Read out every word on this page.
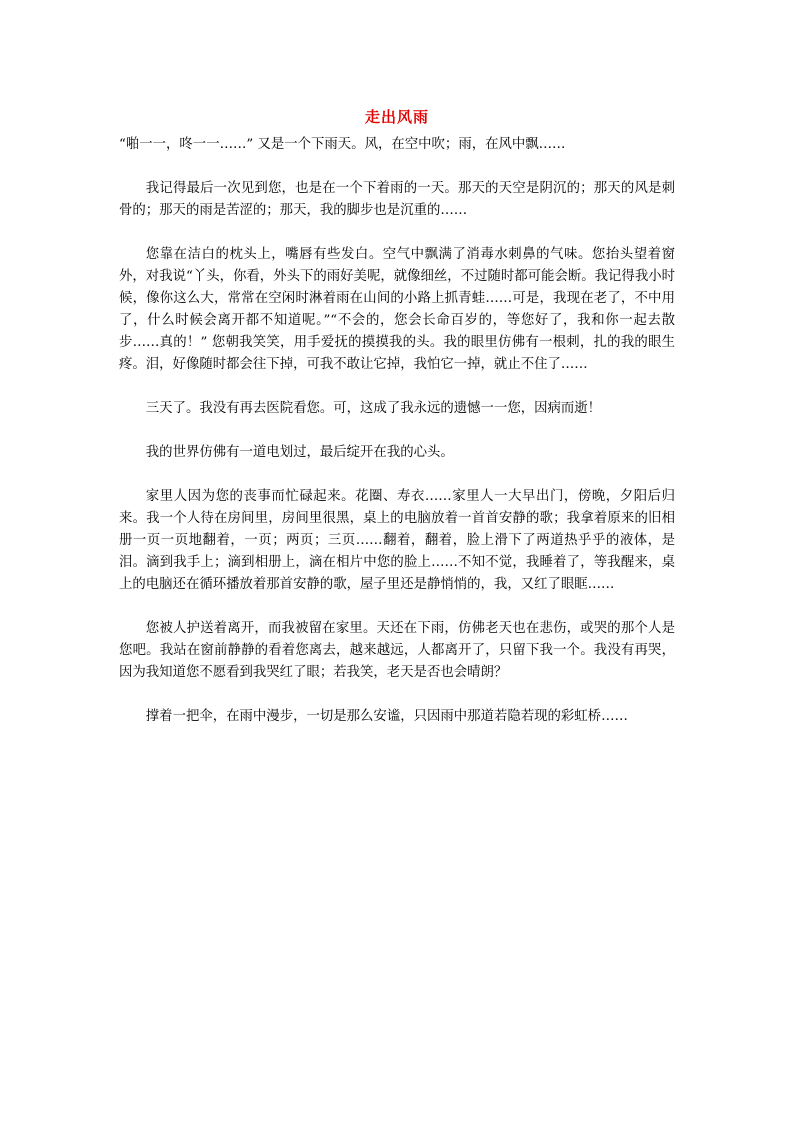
走出风雨

“啪一一，咚一一……” 又是一个下雨天。风，在空中吹；雨，在风中飘……

我记得最后一次见到您，也是在一个下着雨的一天。那天的天空是阴沉的；那天的风是刺骨的；那天的雨是苦涩的；那天，我的脚步也是沉重的……

您靠在洁白的枕头上，嘴唇有些发白。空气中飘满了消毒水刺鼻的气味。您抬头望着窗外，对我说“丫头，你看，外头下的雨好美呢，就像细丝，不过随时都可能会断。我记得我小时候，像你这么大，常常在空闲时淋着雨在山间的小路上抓青蛙……可是，我现在老了，不中用了，什么时候会离开都不知道呢。”“不会的，您会长命百岁的，等您好了，我和你一起去散步……真的！” 您朝我笑笑，用手爱抚的摸摸我的头。我的眼里仿佛有一根刺，扎的我的眼生疼。泪，好像随时都会往下掉，可我不敢让它掉，我怕它一掉，就止不住了……

三天了。我没有再去医院看您。可，这成了我永远的遗憾一一您，因病而逝！

我的世界仿佛有一道电划过，最后绽开在我的心头。

家里人因为您的丧事而忙碌起来。花圈、寿衣……家里人一大早出门，傍晚，夕阳后归来。我一个人待在房间里，房间里很黑，桌上的电脑放着一首首安静的歌；我拿着原来的旧相册一页一页地翻着，一页；两页；三页……翻着，翻着，脸上滑下了两道热乎乎的液体，是泪。滴到我手上；滴到相册上，滴在相片中您的脸上……不知不觉，我睡着了，等我醒来，桌上的电脑还在循环播放着那首安静的歌，屋子里还是静悄悄的，我，又红了眼眶……

您被人护送着离开，而我被留在家里。天还在下雨，仿佛老天也在悲伤，或哭的那个人是您吧。我站在窗前静静的看着您离去，越来越远，人都离开了，只留下我一个。我没有再哭，因为我知道您不愿看到我哭红了眼；若我笑，老天是否也会晴朗？

撑着一把伞，在雨中漫步，一切是那么安谧，只因雨中那道若隐若现的彩虹桥……
